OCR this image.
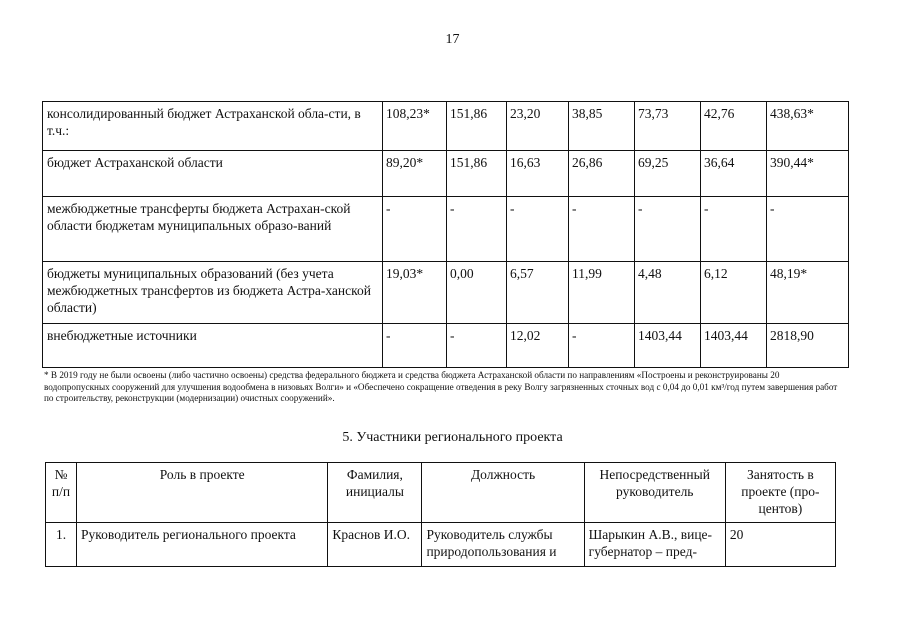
17
консолидированный бюджет Астраханской обла-сти, в т.ч.:	108,23*	151,86	23,20	38,85	73,73	42,76	438,63*
бюджет Астраханской области	89,20*	151,86	16,63	26,86	69,25	36,64	390,44*
межбюджетные трансферты бюджета Астрахан-ской области бюджетам муниципальных образо-ваний	-	-	-	-	-	-	-
бюджеты муниципальных образований (без учета межбюджетных трансфертов из бюджета Астра-ханской области)	19,03*	0,00	6,57	11,99	4,48	6,12	48,19*
внебюджетные источники	-	-	12,02	-	1403,44	1403,44	2818,90
* В 2019 году не были освоены (либо частично освоены) средства федерального бюджета и средства бюджета Астраханской области по направлениям «Построены и реконструированы 20 водопропускных сооружений для улучшения водообмена в низовьях Волги» и «Обеспечено сокращение отведения в реку Волгу загрязненных сточных вод с 0,04 до 0,01 км³/год путем завершения работ по строительству, реконструкции (модернизации) очистных сооружений».
5. Участники регионального проекта
№ п/п	Роль в проекте	Фамилия, инициалы	Должность	Непосредственный руководитель	Занятость в проекте (про-центов)
1.	Руководитель регионального проекта	Краснов И.О.	Руководитель службы природопользования и	Шарыкин А.В., вице-губернатор – пред-	20
